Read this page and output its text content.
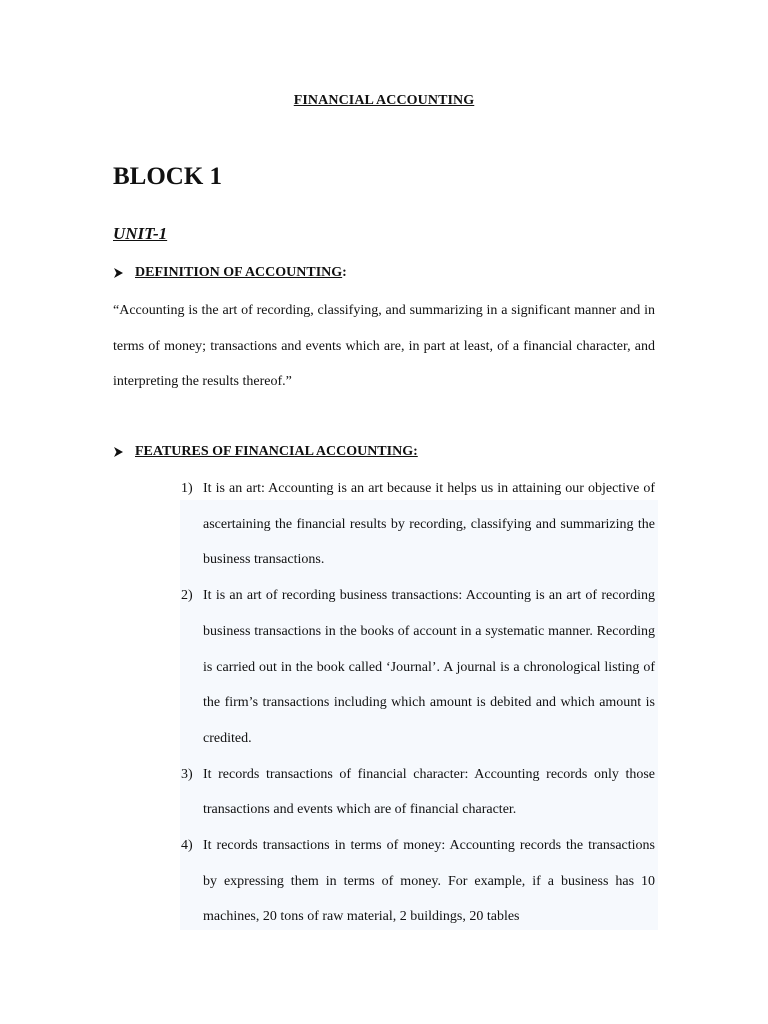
FINANCIAL ACCOUNTING
BLOCK 1
UNIT-1
DEFINITION OF ACCOUNTING :

“Accounting is the art of recording, classifying, and summarizing in a significant manner and in terms of money; transactions and events which are, in part at least, of a financial character, and interpreting the results thereof.”

FEATURES OF FINANCIAL ACCOUNTING:
1) It is an art: Accounting is an art because it helps us in attaining our objective of ascertaining the financial results by recording, classifying and summarizing the business transactions.
2) It is an art of recording business transactions: Accounting is an art of recording business transactions in the books of account in a systematic manner. Recording is carried out in the book called ‘Journal’. A journal is a chronological listing of the firm’s transactions including which amount is debited and which amount is credited.
3) It records transactions of financial character: Accounting records only those transactions and events which are of financial character.
4) It records transactions in terms of money: Accounting records the transactions by expressing them in terms of money. For example, if a business has 10 machines, 20 tons of raw material, 2 buildings, 20 tables
